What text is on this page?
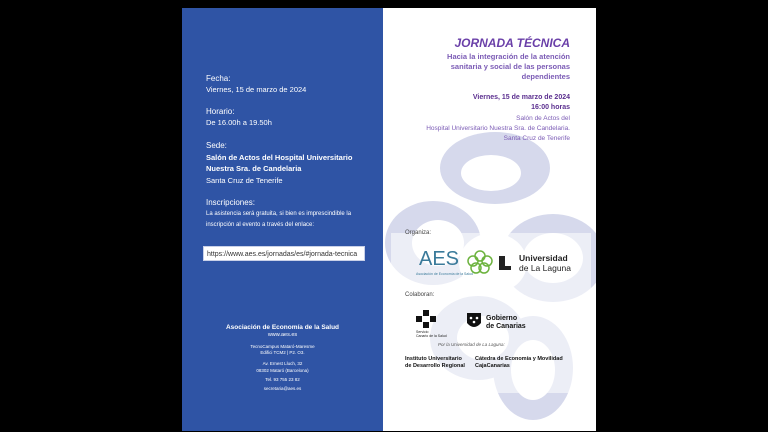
Fecha:
Viernes, 15 de marzo de 2024
Horario:
De 16.00h a 19.50h
Sede:
Salón de Actos del Hospital Universitario
Nuestra Sra. de Candelaria
Santa Cruz de Tenerife
Inscripciones:
La asistencia será gratuita, si bien es imprescindible la
inscripción al evento a través del enlace:
https://www.aes.es/jornadas/es/#jornada-tecnica
Asociación de Economía de la Salud
www.aes.es
TecnoCampus Mataró-Maresme
Edifici TCM2 | P2. O3.
Av. Ernest Lluch, 32
08302 Mataró (Barcelona)
Tel. 93 755 23 82
secretaria@aes.es
JORNADA TÉCNICA
Hacia la integración de la atención sanitaria y social de las personas dependientes
Viernes, 15 de marzo de 2024
16:00 horas
Salón de Actos del
Hospital Universitario Nuestra Sra. de Candelaria.
Santa Cruz de Tenerife
Organiza:
AES
Asociación de Economía de la Salud
Universidad
de La Laguna
Colaboran:
Servicio
Canario de la Salud
Gobierno
de Canarias
Por la Universidad de La Laguna:
Instituto Universitario
de Desarrollo Regional
Cátedra de Economía y Movilidad
CajaCanarias
